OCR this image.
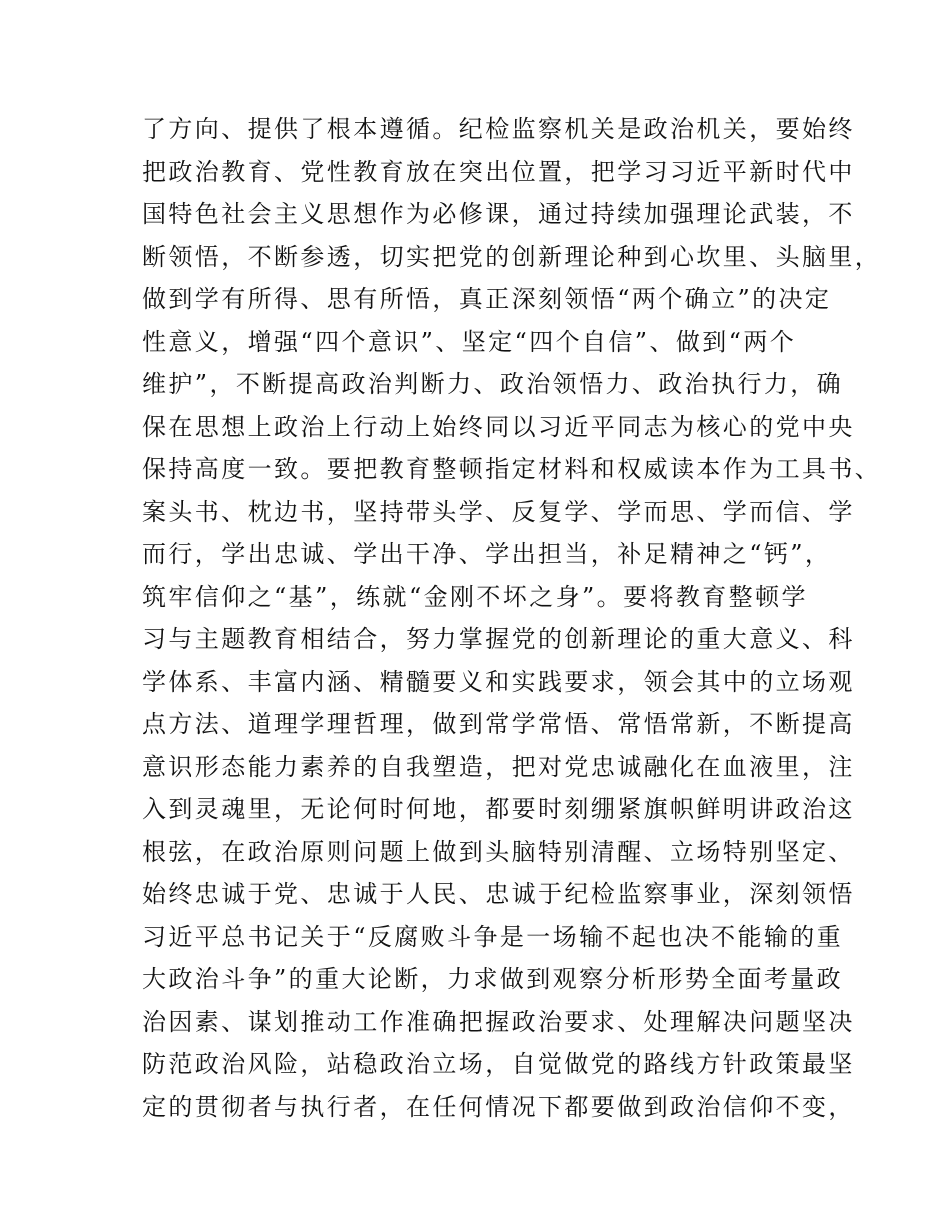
了方向、提供了根本遵循。纪检监察机关是政治机关，要始终
把政治教育、党性教育放在突出位置，把学习习近平新时代中
国特色社会主义思想作为必修课，通过持续加强理论武装，不
断领悟，不断参透，切实把党的创新理论种到心坎里、头脑里，
做到学有所得、思有所悟，真正深刻领悟“两个确立”的决定
性意义，增强“四个意识”、坚定“四个自信”、做到“两个
维护”，不断提高政治判断力、政治领悟力、政治执行力，确
保在思想上政治上行动上始终同以习近平同志为核心的党中央
保持高度一致。要把教育整顿指定材料和权威读本作为工具书、
案头书、枕边书，坚持带头学、反复学、学而思、学而信、学
而行，学出忠诚、学出干净、学出担当，补足精神之“钙”，
筑牢信仰之“基”，练就“金刚不坏之身”。要将教育整顿学
习与主题教育相结合，努力掌握党的创新理论的重大意义、科
学体系、丰富内涵、精髓要义和实践要求，领会其中的立场观
点方法、道理学理哲理，做到常学常悟、常悟常新，不断提高
意识形态能力素养的自我塑造，把对党忠诚融化在血液里，注
入到灵魂里，无论何时何地，都要时刻绷紧旗帜鲜明讲政治这
根弦，在政治原则问题上做到头脑特别清醒、立场特别坚定、
始终忠诚于党、忠诚于人民、忠诚于纪检监察事业，深刻领悟
习近平总书记关于“反腐败斗争是一场输不起也决不能输的重
大政治斗争”的重大论断，力求做到观察分析形势全面考量政
治因素、谋划推动工作准确把握政治要求、处理解决问题坚决
防范政治风险，站稳政治立场，自觉做党的路线方针政策最坚
定的贯彻者与执行者，在任何情况下都要做到政治信仰不变，
